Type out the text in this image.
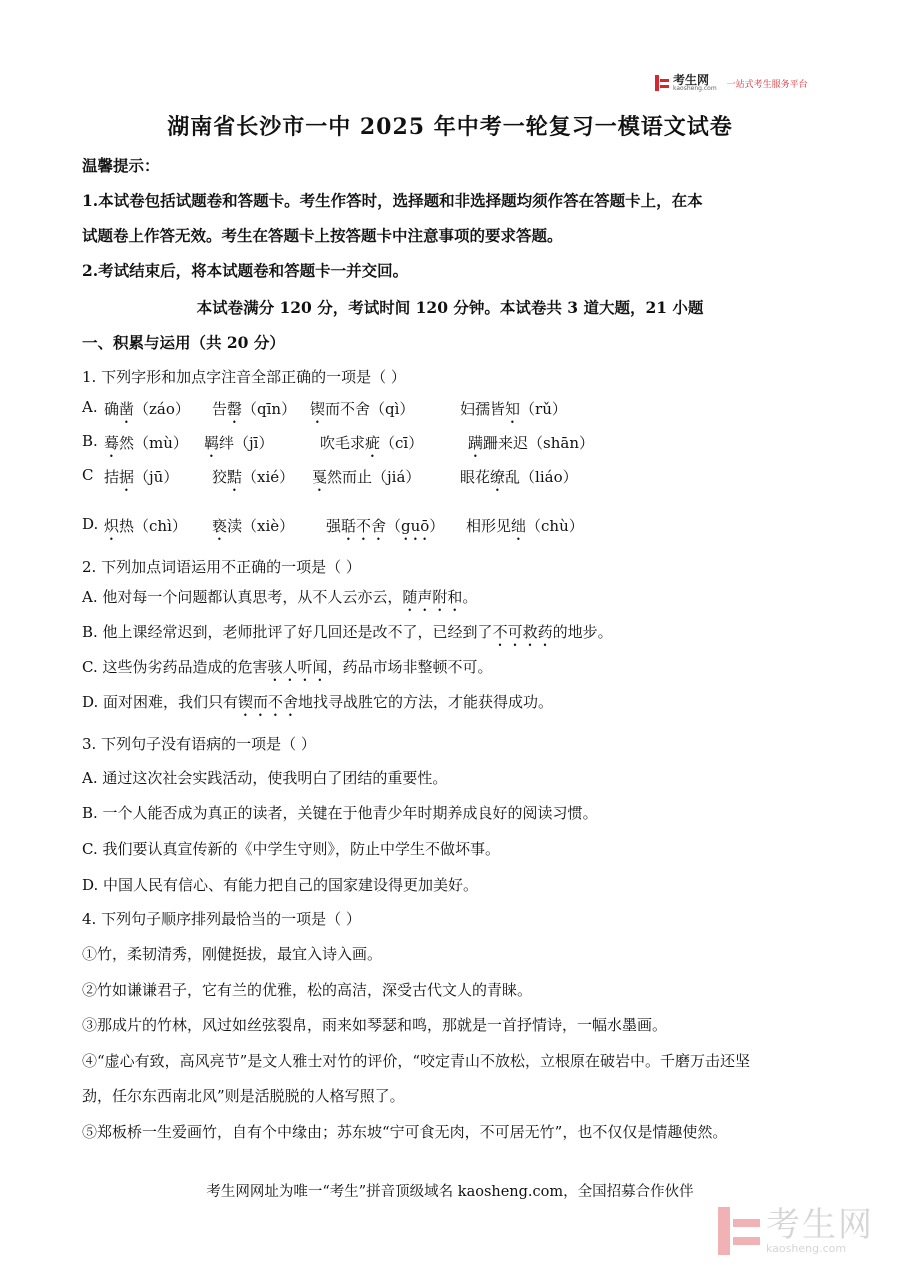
考生网
kaosheng.com 一站式考生服务平台
湖南省长沙市一中 2025 年中考一轮复习一模语文试卷
温馨提示：
1.本试卷包括试题卷和答题卡。考生作答时，选择题和非选择题均须作答在答题卡上，在本
试题卷上作答无效。考生在答题卡上按答题卡中注意事项的要求答题。
2.考试结束后，将本试题卷和答题卡一并交回。
本试卷满分 120 分，考试时间 120 分钟。本试卷共 3 道大题，21 小题
一、积累与运用（共 20 分）
1. 下列字形和加点字注音全部正确的一项是（ ）
A. 确凿（záo）	告罄（qīn） 锲而不舍（qì）	妇孺皆知（rǔ）
B. 蓦然（mù）	羁绊（jī）	吹毛求疵（cī）	蹒跚来迟（shān）
C 拮据（jū）	狡黠（xié）	戛然而止（jiá）	眼花缭乱（liáo）
D. 炽热（chì）	亵渎（xiè）	强聒不舍（guō）	相形见绌（chù）
2. 下列加点词语运用不正确的一项是（ ）
A. 他对每一个问题都认真思考，从不人云亦云，随声附和。
B. 他上课经常迟到，老师批评了好几回还是改不了，已经到了不可救药的地步。
C. 这些伪劣药品造成的危害骇人听闻，药品市场非整顿不可。
D. 面对困难，我们只有锲而不舍地找寻战胜它的方法，才能获得成功。
3. 下列句子没有语病的一项是（ ）
A. 通过这次社会实践活动，使我明白了团结的重要性。
B. 一个人能否成为真正的读者，关键在于他青少年时期养成良好的阅读习惯。
C. 我们要认真宣传新的《中学生守则》，防止中学生不做坏事。
D. 中国人民有信心、有能力把自己的国家建设得更加美好。
4. 下列句子顺序排列最恰当的一项是（ ）
①竹，柔韧清秀，刚健挺拔，最宜入诗入画。
②竹如谦谦君子，它有兰的优雅，松的高洁，深受古代文人的青睐。
③那成片的竹林，风过如丝弦裂帛，雨来如琴瑟和鸣，那就是一首抒情诗，一幅水墨画。
④“虚心有致，高风亮节”是文人雅士对竹的评价，“咬定青山不放松，立根原在破岩中。千磨万击还坚
劲，任尔东西南北风”则是活脱脱的人格写照了。
⑤郑板桥一生爱画竹，自有个中缘由；苏东坡“宁可食无肉，不可居无竹”，也不仅仅是情趣使然。
考生网网址为唯一“考生”拼音顶级域名 kaosheng.com，全国招募合作伙伴
考生网
kaosheng.com
